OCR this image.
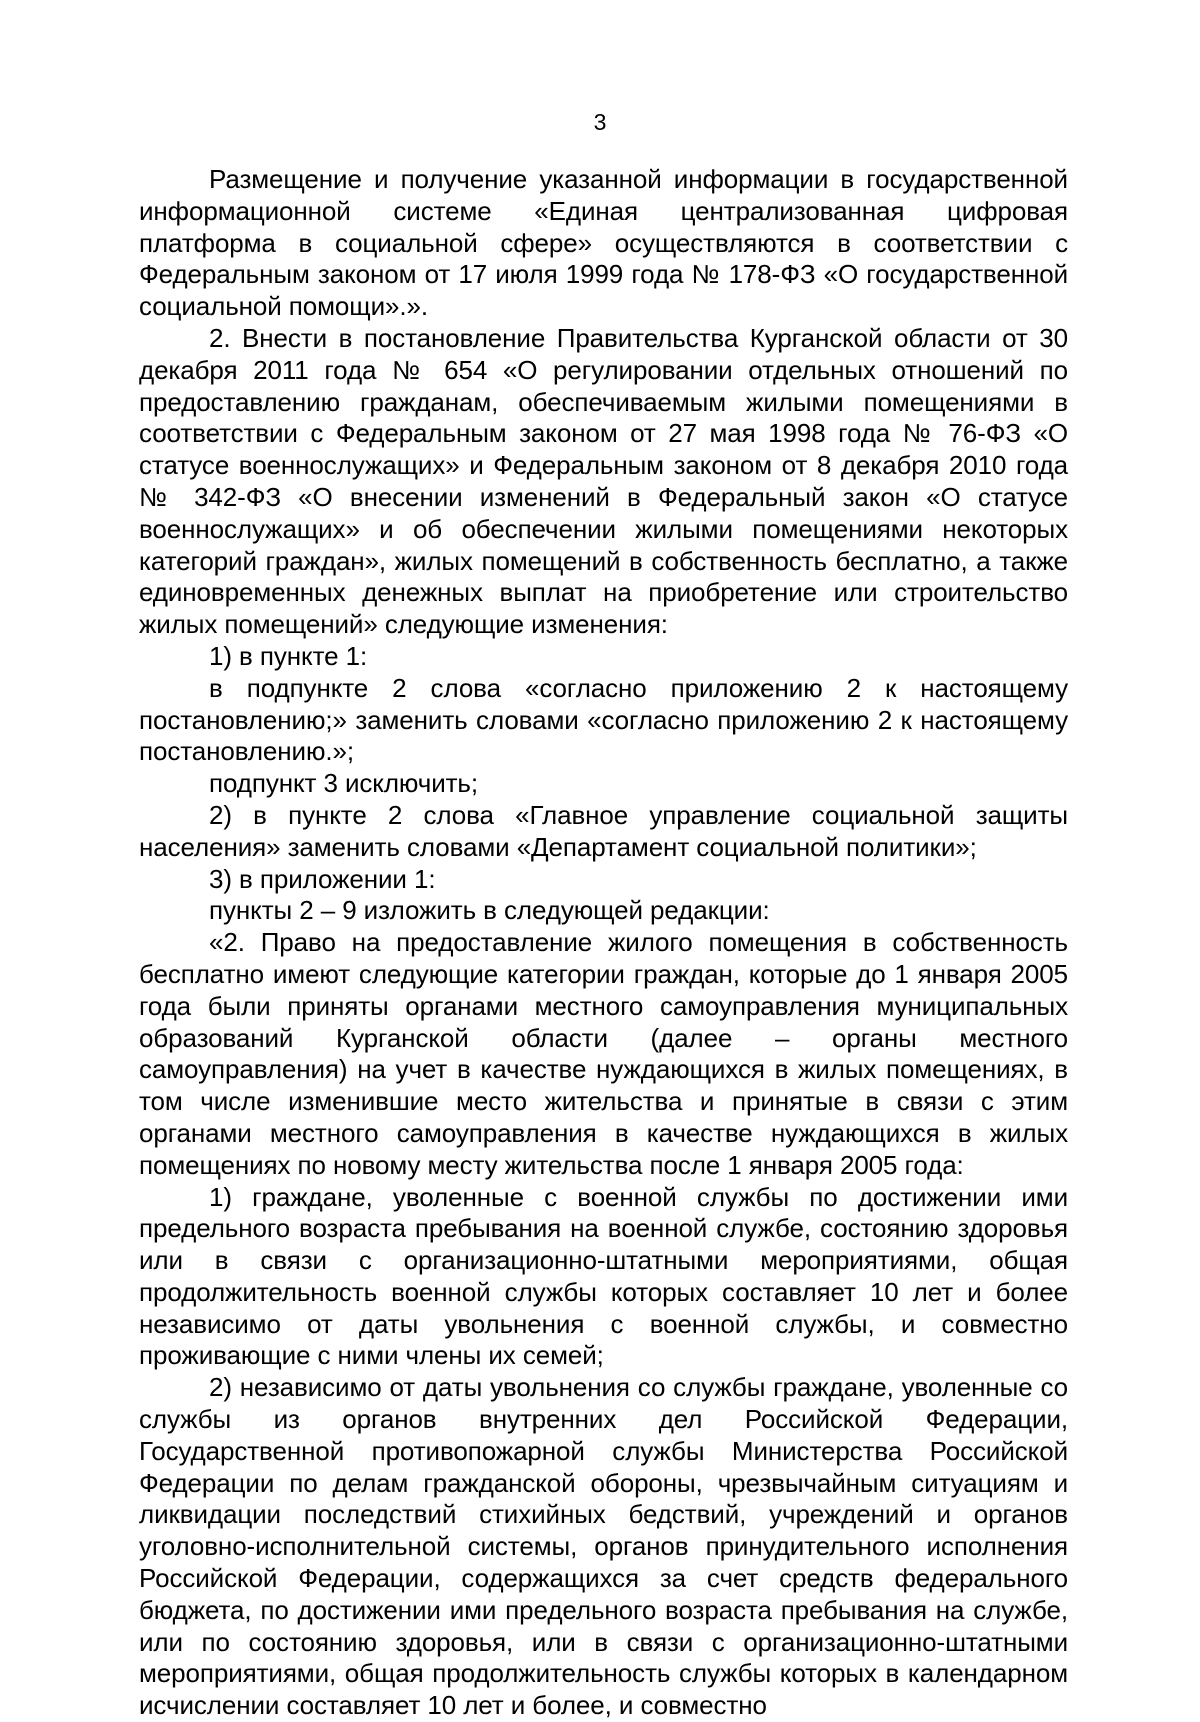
3

Размещение и получение указанной информации в государственной информационной системе «Единая централизованная цифровая платформа в социальной сфере» осуществляются в соответствии с Федеральным законом от 17 июля 1999 года № 178-ФЗ «О государственной социальной помощи».».

2. Внести в постановление Правительства Курганской области от 30 декабря 2011 года № 654 «О регулировании отдельных отношений по предоставлению гражданам, обеспечиваемым жилыми помещениями в соответствии с Федеральным законом от 27 мая 1998 года № 76-ФЗ «О статусе военнослужащих» и Федеральным законом от 8 декабря 2010 года № 342-ФЗ «О внесении изменений в Федеральный закон «О статусе военнослужащих» и об обеспечении жилыми помещениями некоторых категорий граждан», жилых помещений в собственность бесплатно, а также единовременных денежных выплат на приобретение или строительство жилых помещений» следующие изменения:

1) в пункте 1:

в подпункте 2 слова «согласно приложению 2 к настоящему постановлению;» заменить словами «согласно приложению 2 к настоящему постановлению.»;

подпункт 3 исключить;

2) в пункте 2 слова «Главное управление социальной защиты населения» заменить словами «Департамент социальной политики»;

3) в приложении 1:

пункты 2 – 9 изложить в следующей редакции:

«2. Право на предоставление жилого помещения в собственность бесплатно имеют следующие категории граждан, которые до 1 января 2005 года были приняты органами местного самоуправления муниципальных образований Курганской области (далее – органы местного самоуправления) на учет в качестве нуждающихся в жилых помещениях, в том числе изменившие место жительства и принятые в связи с этим органами местного самоуправления в качестве нуждающихся в жилых помещениях по новому месту жительства после 1 января 2005 года:

1) граждане, уволенные с военной службы по достижении ими предельного возраста пребывания на военной службе, состоянию здоровья или в связи с организационно-штатными мероприятиями, общая продолжительность военной службы которых составляет 10 лет и более независимо от даты увольнения с военной службы, и совместно проживающие с ними члены их семей;

2) независимо от даты увольнения со службы граждане, уволенные со службы из органов внутренних дел Российской Федерации, Государственной противопожарной службы Министерства Российской Федерации по делам гражданской обороны, чрезвычайным ситуациям и ликвидации последствий стихийных бедствий, учреждений и органов уголовно-исполнительной системы, органов принудительного исполнения Российской Федерации, содержащихся за счет средств федерального бюджета, по достижении ими предельного возраста пребывания на службе, или по состоянию здоровья, или в связи с организационно-штатными мероприятиями, общая продолжительность службы которых в календарном исчислении составляет 10 лет и более, и совместно
